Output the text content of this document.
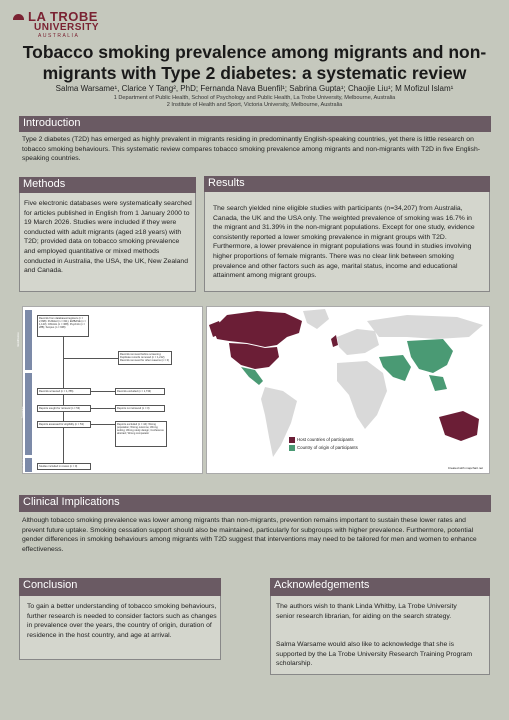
LA TROBE
UNIVERSITY
AUSTRALIA
Tobacco smoking prevalence among migrants and non-migrants with Type 2 diabetes: a systematic review
Salma Warsame¹, Clarice Y Tang², PhD; Fernanda Nava Buenfil¹; Sabrina Gupta¹; Chaojie Liu¹; M Mofizul Islam¹
1 Department of Public Health, School of Psychology and Public Health, La Trobe University, Melbourne, Australia
2 Institute of Health and Sport, Victoria University, Melbourne, Australia
Introduction
Type 2 diabetes (T2D) has emerged as highly prevalent in migrants residing in predominantly English-speaking countries, yet there is little research on tobacco smoking behaviours. This systematic review compares tobacco smoking prevalence among migrants and non-migrants with T2D in five English-speaking countries.
Methods
Five electronic databases were systematically searched for articles published in English from 1 January 2000 to 19 March 2026. Studies were included if they were conducted with adult migrants (aged ≥18 years) with T2D; provided data on tobacco smoking prevalence and employed quantitative or mixed methods conducted in Australia, the USA, the UK, New Zealand and Canada.
Results
The search yielded nine eligible studies with participants (n=34,207) from Australia, Canada, the UK and the USA only. The weighted prevalence of smoking was 16.7% in the migrant and 31.39% in the non-migrant populations. Except for one study, evidence consistently reported a lower smoking prevalence in migrant groups with T2D. Furthermore, a lower prevalence in migrant populations was found in studies involving higher proportions of female migrants. There was no clear link between smoking prevalence and other factors such as age, marital status, income and educational attainment among migrant groups.
Identification
Screening
Included
Records from databases/registers (n = 2,998): PubMed (n = 611); EMBASE (n = 1,123); CINAHL (n = 368); PsycInfo (n = 288); Scopus (n = 608)
Records removed before screening: Duplicate records removed (n = 1,212); Records removed for other reasons (n = 0)
Records screened (n = 1,786)	Records excluded (n = 1,733)
Reports sought for retrieval (n = 53)	Reports not retrieved (n = 0)
Reports assessed for eligibility (n = 53)	Reports excluded (n = 44): Wrong population; Wrong outcome; Wrong setting; Wrong study design; Conference abstract; Wrong comparator
Studies included in review (n = 9)
Host countries of participants
Country of origin of participants
Created with mapchart.net
Clinical Implications
Although tobacco smoking prevalence was lower among migrants than non-migrants, prevention remains important to sustain these lower rates and prevent future uptake. Smoking cessation support should also be maintained, particularly for subgroups with higher prevalence. Furthermore, potential gender differences in smoking behaviours among migrants with T2D suggest that interventions may need to be tailored for men and women to enhance effectiveness.
Conclusion
To gain a better understanding of tobacco smoking behaviours, further research is needed to consider factors such as changes in prevalence over the years, the country of origin, duration of residence in the host country, and age at arrival.
Acknowledgements
The authors wish to thank Linda Whitby, La Trobe University senior research librarian, for aiding on the search strategy.
Salma Warsame would also like to acknowledge that she is supported by the La Trobe University Research Training Program scholarship.
